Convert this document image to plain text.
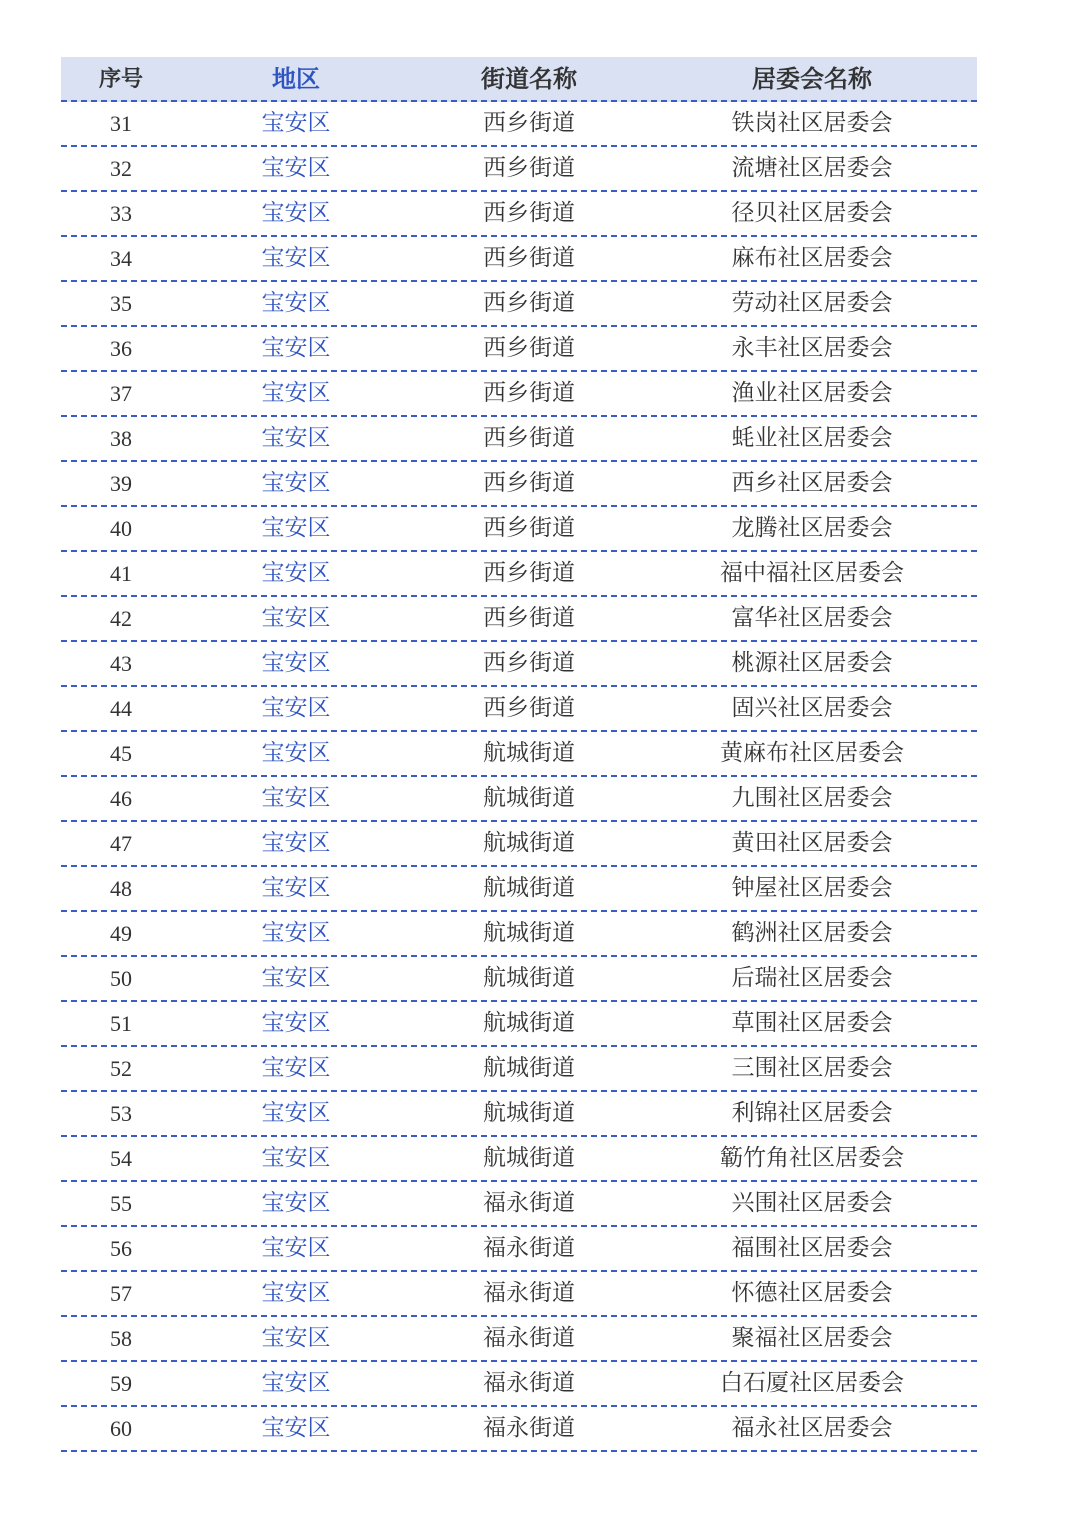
序号	地区	街道名称	居委会名称
31	宝安区	西乡街道	铁岗社区居委会
32	宝安区	西乡街道	流塘社区居委会
33	宝安区	西乡街道	径贝社区居委会
34	宝安区	西乡街道	麻布社区居委会
35	宝安区	西乡街道	劳动社区居委会
36	宝安区	西乡街道	永丰社区居委会
37	宝安区	西乡街道	渔业社区居委会
38	宝安区	西乡街道	蚝业社区居委会
39	宝安区	西乡街道	西乡社区居委会
40	宝安区	西乡街道	龙腾社区居委会
41	宝安区	西乡街道	福中福社区居委会
42	宝安区	西乡街道	富华社区居委会
43	宝安区	西乡街道	桃源社区居委会
44	宝安区	西乡街道	固兴社区居委会
45	宝安区	航城街道	黄麻布社区居委会
46	宝安区	航城街道	九围社区居委会
47	宝安区	航城街道	黄田社区居委会
48	宝安区	航城街道	钟屋社区居委会
49	宝安区	航城街道	鹤洲社区居委会
50	宝安区	航城街道	后瑞社区居委会
51	宝安区	航城街道	草围社区居委会
52	宝安区	航城街道	三围社区居委会
53	宝安区	航城街道	利锦社区居委会
54	宝安区	航城街道	簕竹角社区居委会
55	宝安区	福永街道	兴围社区居委会
56	宝安区	福永街道	福围社区居委会
57	宝安区	福永街道	怀德社区居委会
58	宝安区	福永街道	聚福社区居委会
59	宝安区	福永街道	白石厦社区居委会
60	宝安区	福永街道	福永社区居委会
